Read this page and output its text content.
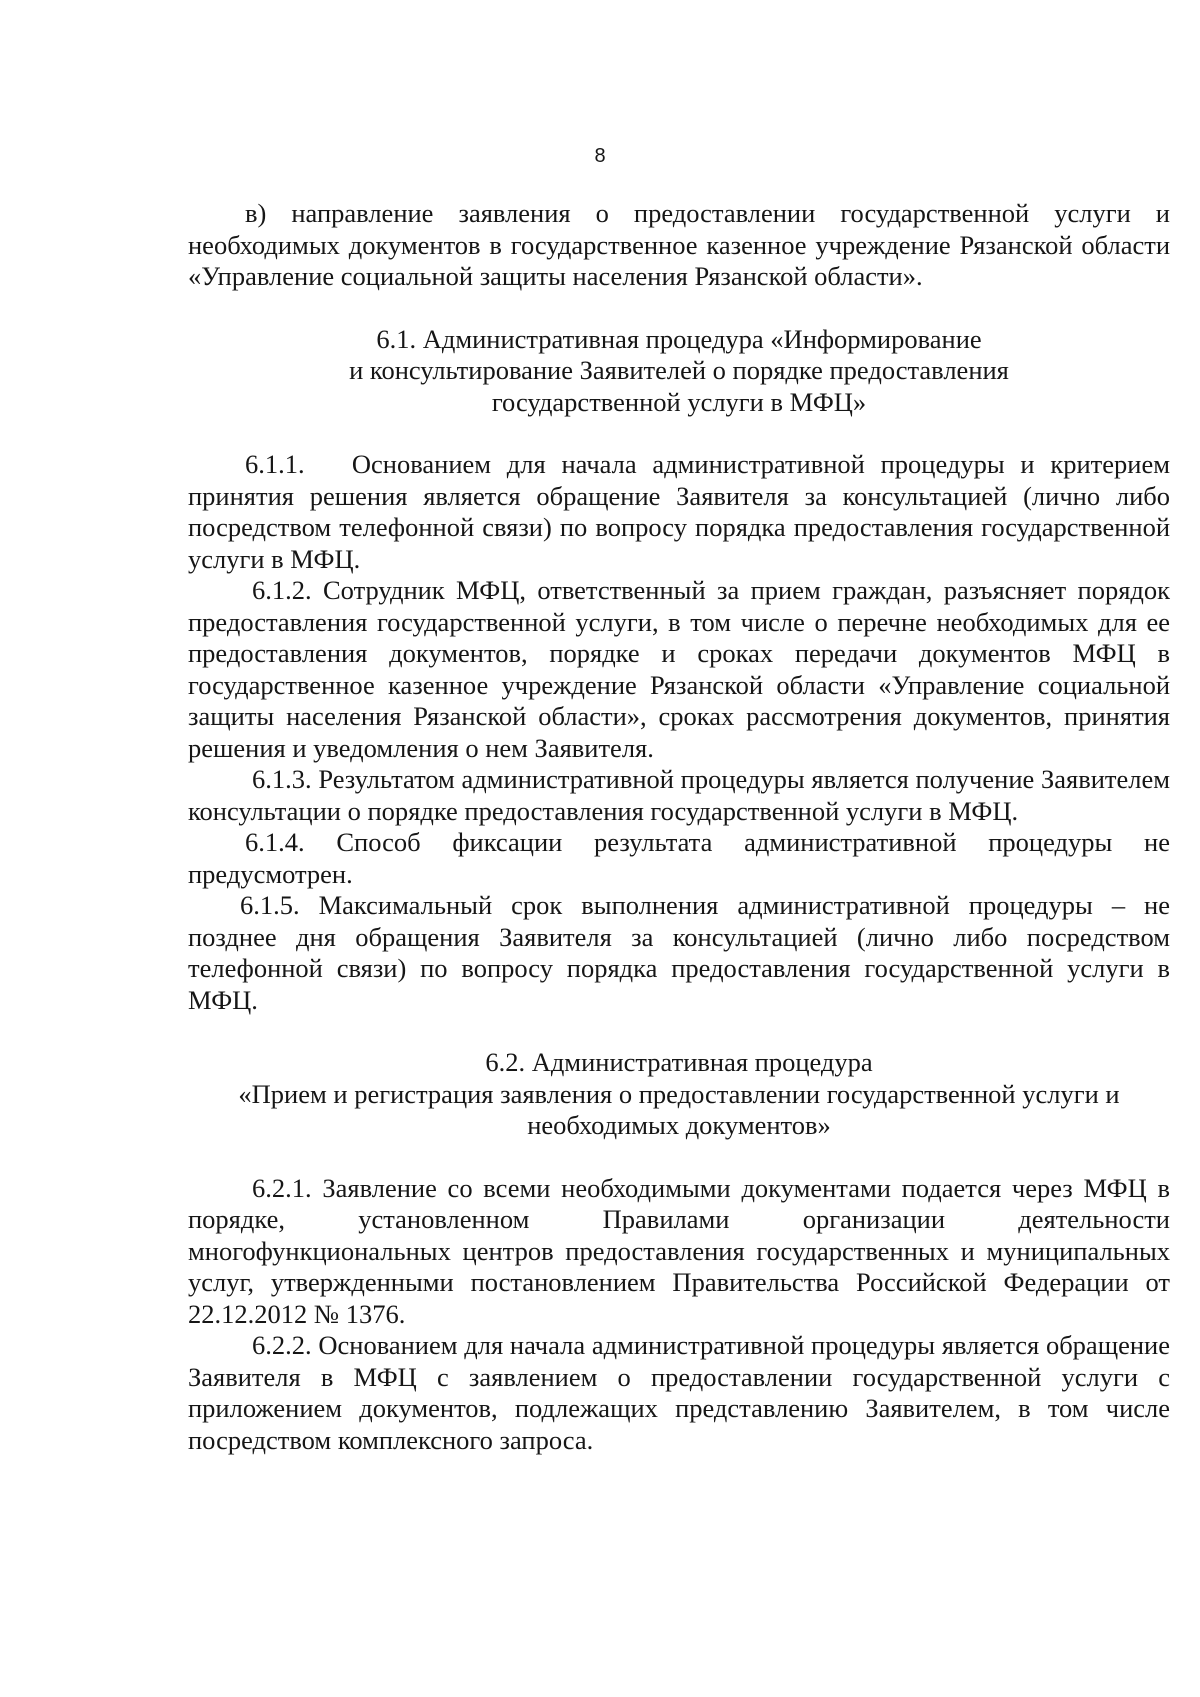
8

в) направление заявления о предоставлении государственной услуги и необходимых документов в государственное казенное учреждение Рязанской области «Управление социальной защиты населения Рязанской области».

6.1. Административная процедура «Информирование
и консультирование Заявителей о порядке предоставления
государственной услуги в МФЦ»

6.1.1.   Основанием для начала административной процедуры и критерием принятия решения является обращение Заявителя за консультацией (лично либо посредством телефонной связи) по вопросу порядка предоставления государственной услуги в МФЦ.

6.1.2. Сотрудник МФЦ, ответственный за прием граждан, разъясняет порядок предоставления государственной услуги, в том числе о перечне необходимых для ее предоставления документов, порядке и сроках передачи документов МФЦ в государственное казенное учреждение Рязанской области «Управление социальной защиты населения Рязанской области», сроках рассмотрения документов, принятия решения и уведомления о нем Заявителя.

6.1.3. Результатом административной процедуры является получение Заявителем консультации о порядке предоставления государственной услуги в МФЦ.

6.1.4. Способ фиксации результата административной процедуры не предусмотрен.

6.1.5. Максимальный срок выполнения административной процедуры – не позднее дня обращения Заявителя за консультацией (лично либо посредством телефонной связи) по вопросу порядка предоставления государственной услуги в МФЦ.

6.2. Административная процедура
«Прием и регистрация заявления о предоставлении государственной услуги и
необходимых документов»

6.2.1. Заявление со всеми необходимыми документами подается через МФЦ в порядке, установленном Правилами организации деятельности многофункциональных центров предоставления государственных и муниципальных услуг, утвержденными постановлением Правительства Российской Федерации от 22.12.2012 № 1376.

6.2.2. Основанием для начала административной процедуры является обращение Заявителя в МФЦ с заявлением о предоставлении государственной услуги с приложением документов, подлежащих представлению Заявителем, в том числе посредством комплексного запроса.
